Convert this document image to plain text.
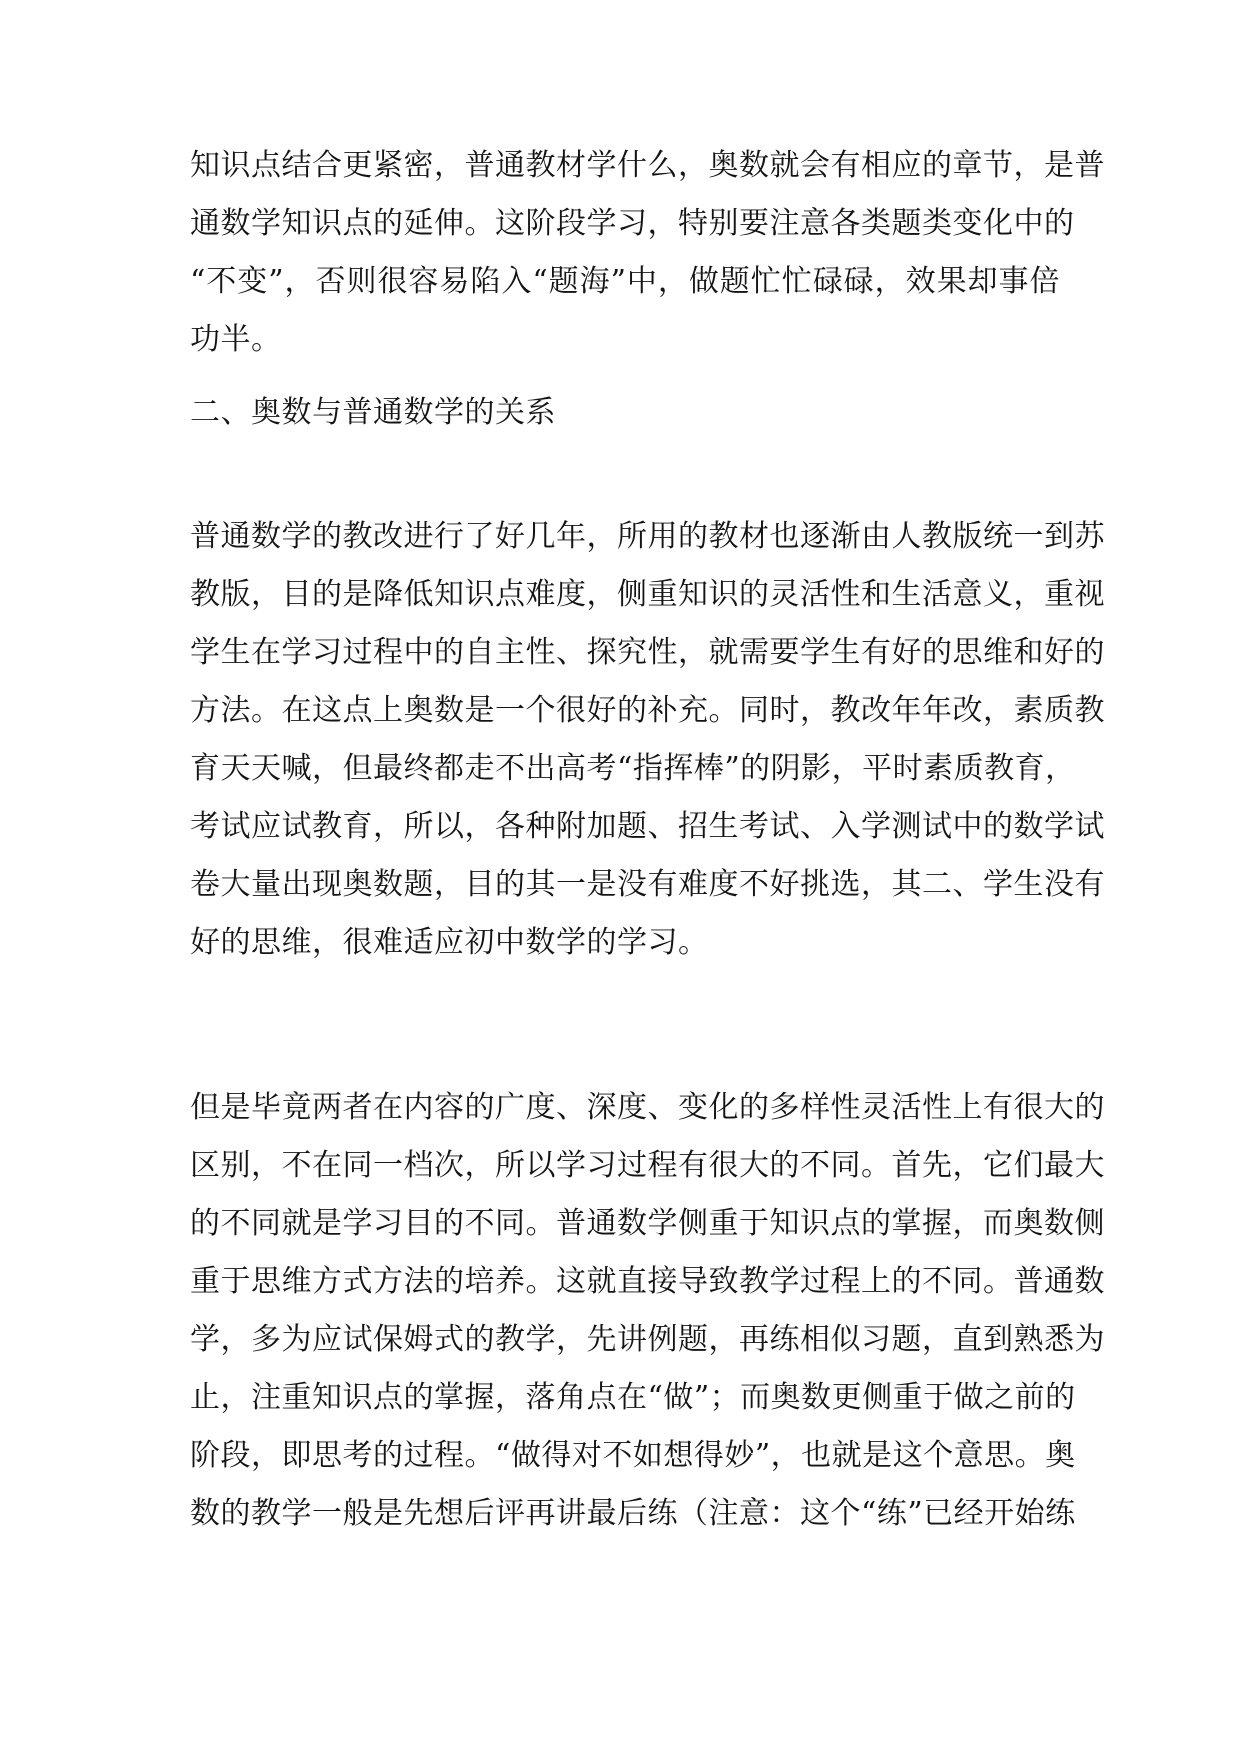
知识点结合更紧密，普通教材学什么，奥数就会有相应的章节，是普
通数学知识点的延伸。这阶段学习，特别要注意各类题类变化中的
“不变”，否则很容易陷入“题海”中，做题忙忙碌碌，效果却事倍
功半。
二、奥数与普通数学的关系
普通数学的教改进行了好几年，所用的教材也逐渐由人教版统一到苏
教版，目的是降低知识点难度，侧重知识的灵活性和生活意义，重视
学生在学习过程中的自主性、探究性，就需要学生有好的思维和好的
方法。在这点上奥数是一个很好的补充。同时，教改年年改，素质教
育天天喊，但最终都走不出高考“指挥棒”的阴影，平时素质教育，
考试应试教育，所以，各种附加题、招生考试、入学测试中的数学试
卷大量出现奥数题，目的其一是没有难度不好挑选，其二、学生没有
好的思维，很难适应初中数学的学习。
但是毕竟两者在内容的广度、深度、变化的多样性灵活性上有很大的
区别，不在同一档次，所以学习过程有很大的不同。首先，它们最大
的不同就是学习目的不同。普通数学侧重于知识点的掌握，而奥数侧
重于思维方式方法的培养。这就直接导致教学过程上的不同。普通数
学，多为应试保姆式的教学，先讲例题，再练相似习题，直到熟悉为
止，注重知识点的掌握，落角点在“做”；而奥数更侧重于做之前的
阶段，即思考的过程。“做得对不如想得妙”，也就是这个意思。奥
数的教学一般是先想后评再讲最后练（注意：这个“练”已经开始练
